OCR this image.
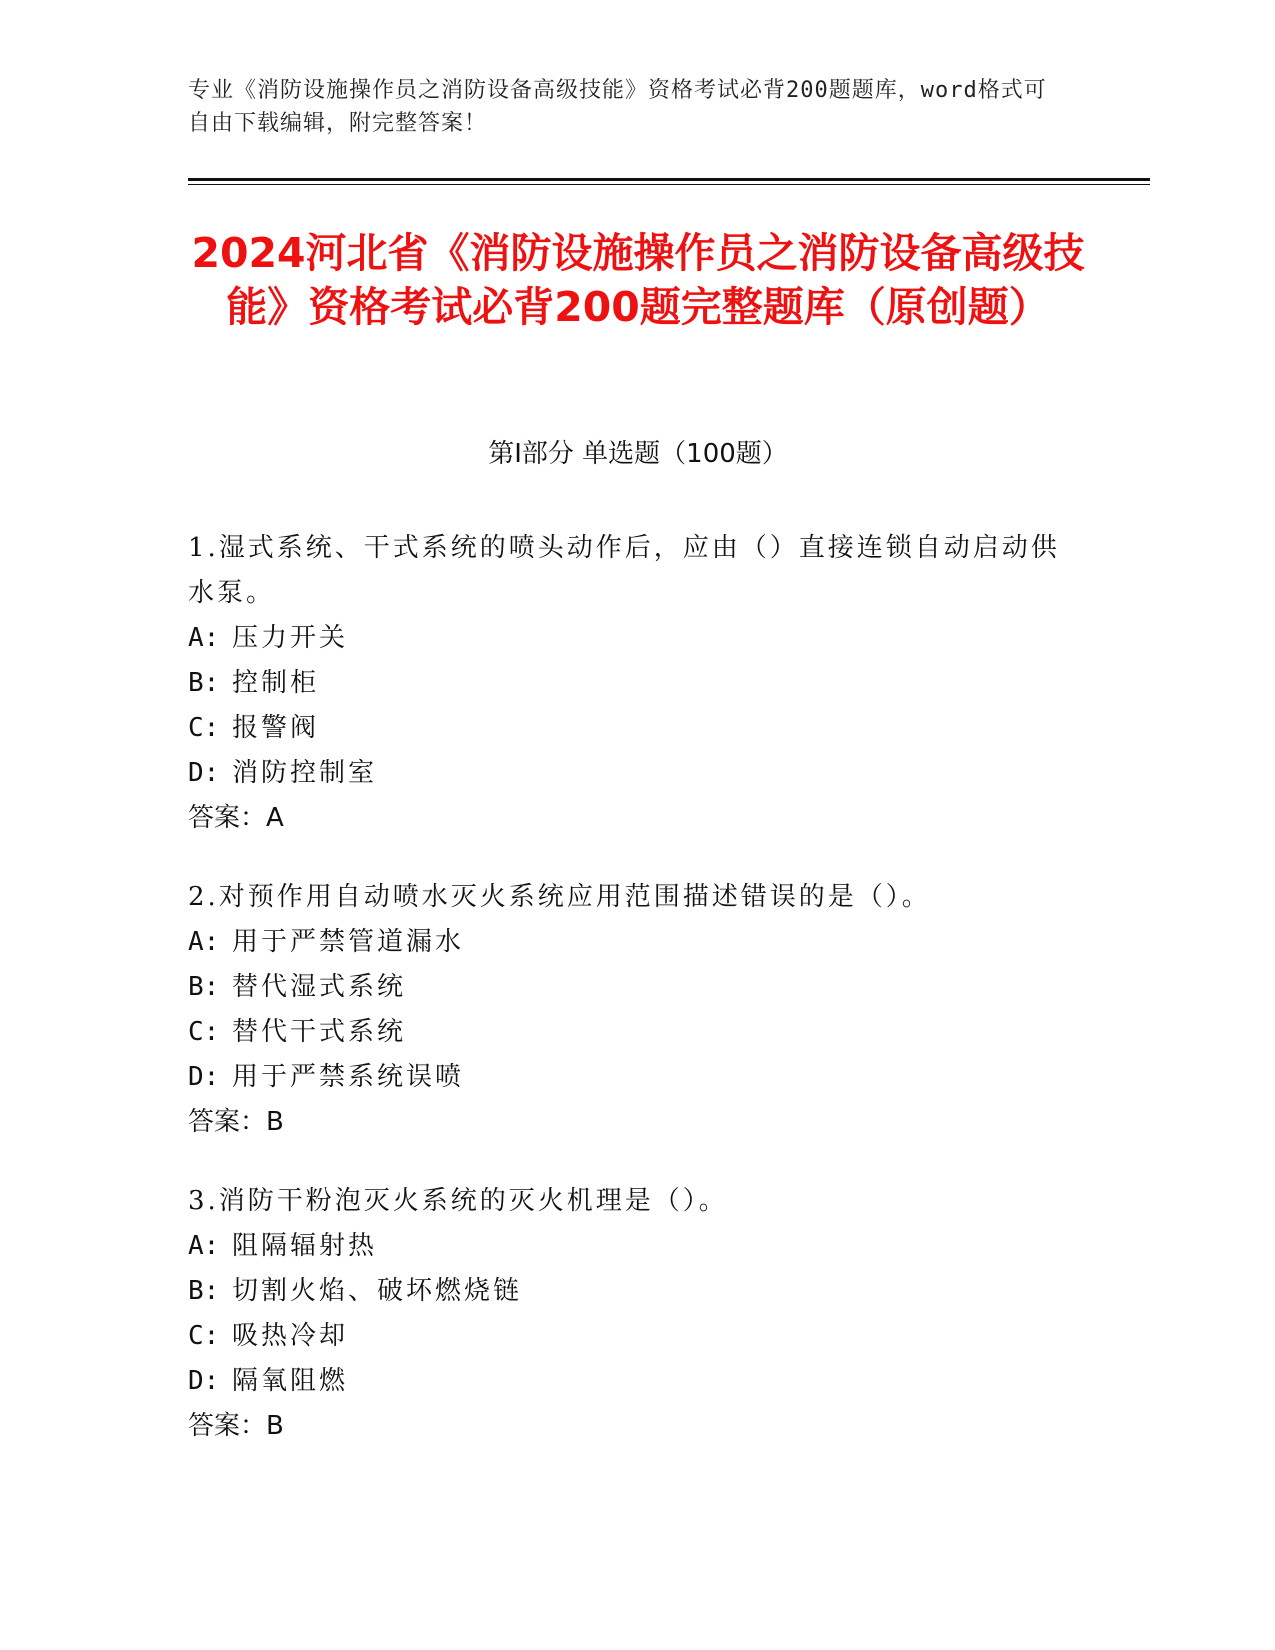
专业《消防设施操作员之消防设备高级技能》资格考试必背200题题库，word格式可自由下载编辑，附完整答案！
2024河北省《消防设施操作员之消防设备高级技能》资格考试必背200题完整题库（原创题）
第Ⅰ部分 单选题（100题）

1.湿式系统、干式系统的喷头动作后，应由（）直接连锁自动启动供水泵。

A: 压力开关

B: 控制柜

C: 报警阀

D: 消防控制室

答案：A

2.对预作用自动喷水灭火系统应用范围描述错误的是（）。

A: 用于严禁管道漏水

B: 替代湿式系统

C: 替代干式系统

D: 用于严禁系统误喷

答案：B

3.消防干粉泡灭火系统的灭火机理是（）。

A: 阻隔辐射热

B: 切割火焰、破坏燃烧链

C: 吸热冷却

D: 隔氧阻燃

答案：B
